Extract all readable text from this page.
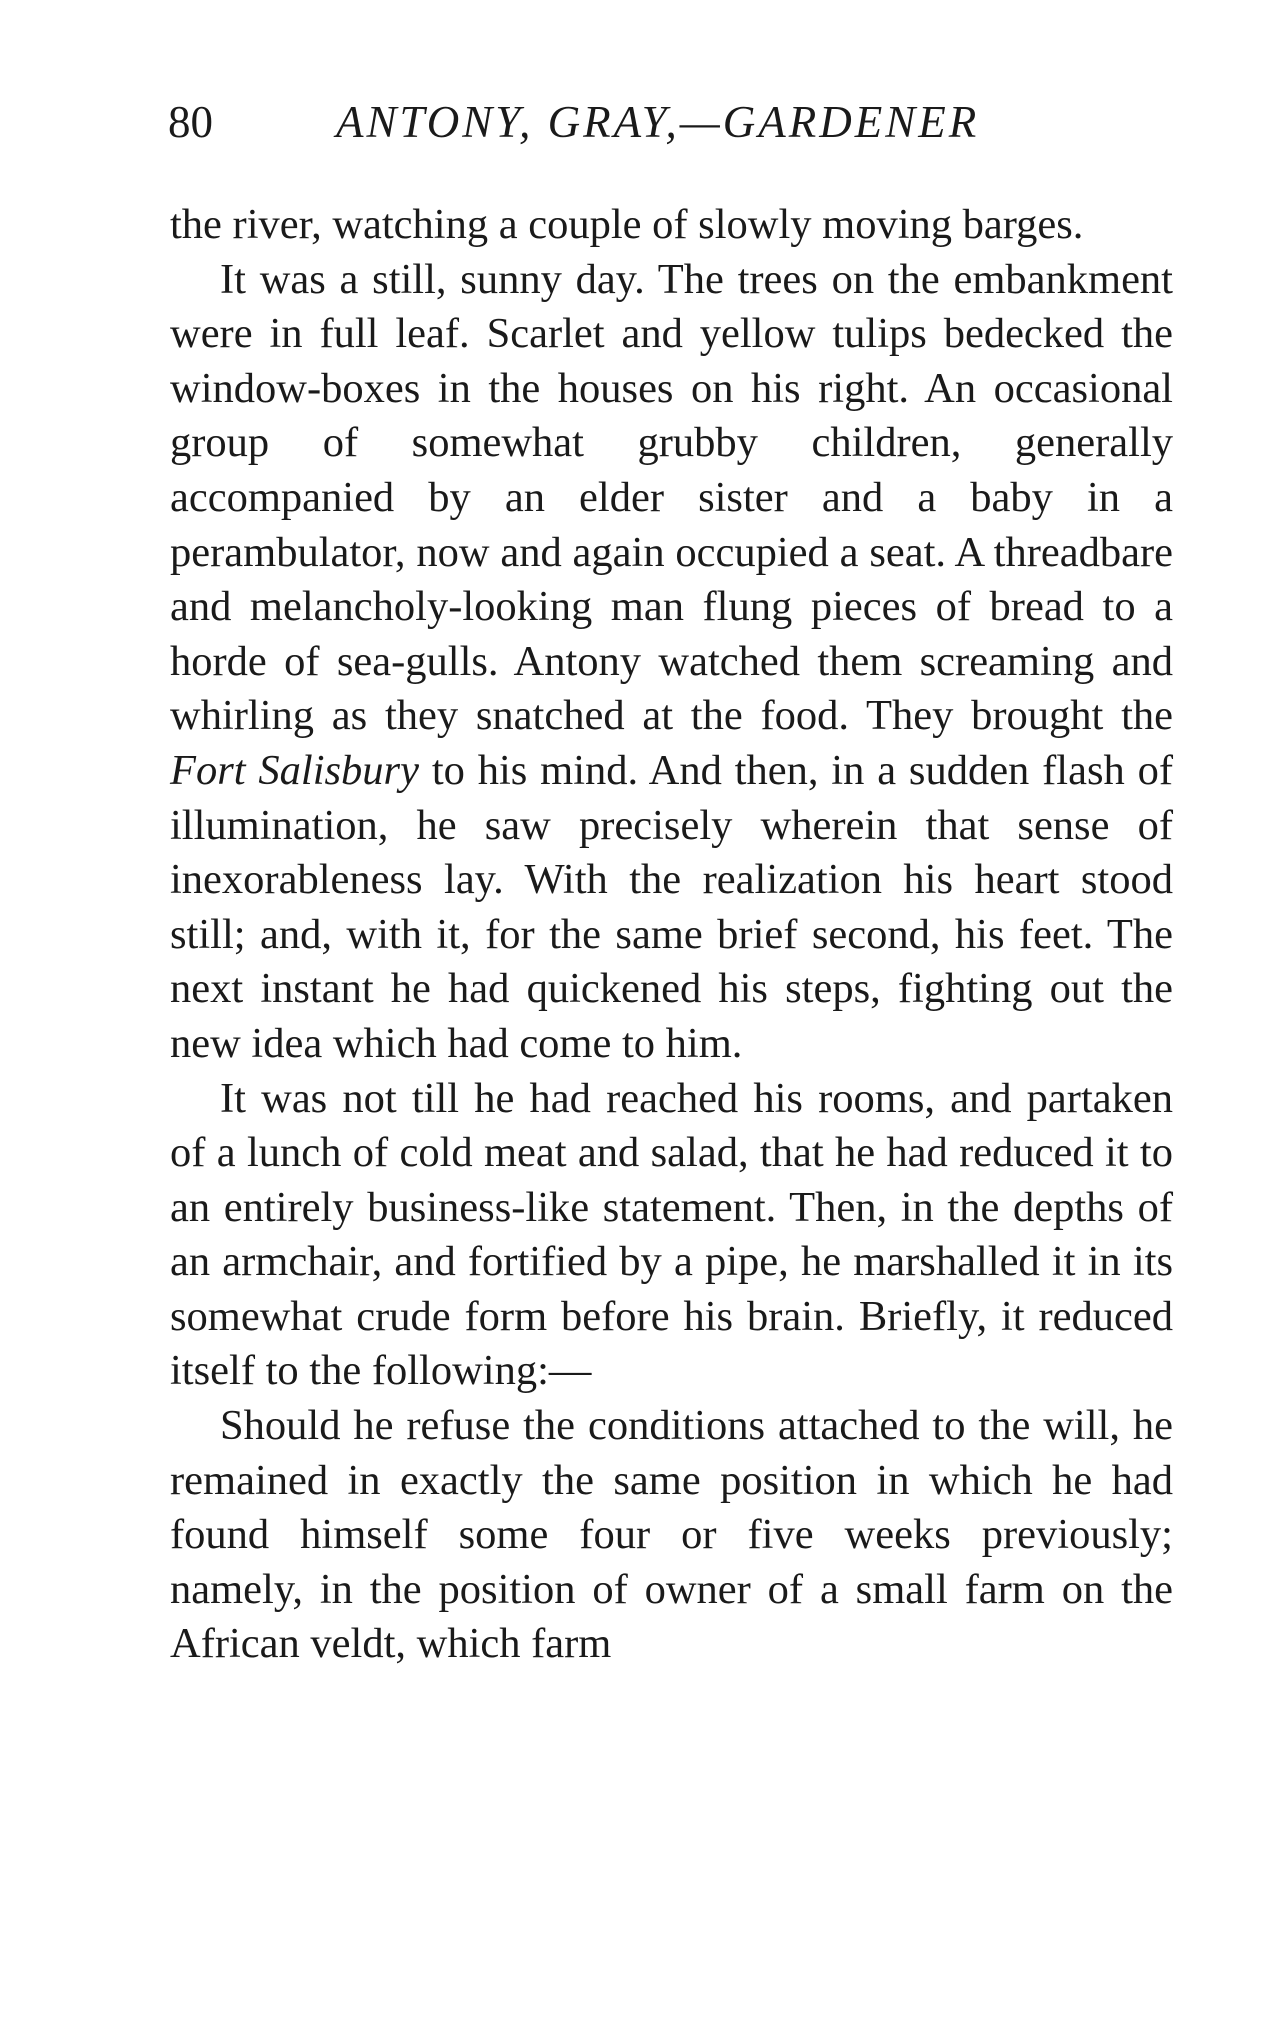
80	ANTONY, GRAY,—GARDENER

the river, watching a couple of slowly moving barges.

It was a still, sunny day. The trees on the embankment were in full leaf. Scarlet and yellow tulips bedecked the window-boxes in the houses on his right. An occasional group of somewhat grubby children, generally accompanied by an elder sister and a baby in a perambulator, now and again occupied a seat. A threadbare and melancholy-looking man flung pieces of bread to a horde of sea-gulls. Antony watched them screaming and whirling as they snatched at the food. They brought the Fort Salisbury to his mind. And then, in a sudden flash of illumination, he saw precisely wherein that sense of inexorableness lay. With the realization his heart stood still; and, with it, for the same brief second, his feet. The next instant he had quickened his steps, fighting out the new idea which had come to him.

It was not till he had reached his rooms, and partaken of a lunch of cold meat and salad, that he had reduced it to an entirely business-like statement. Then, in the depths of an armchair, and fortified by a pipe, he marshalled it in its somewhat crude form before his brain. Briefly, it reduced itself to the following:—

Should he refuse the conditions attached to the will, he remained in exactly the same position in which he had found himself some four or five weeks previously; namely, in the position of owner of a small farm on the African veldt, which farm
